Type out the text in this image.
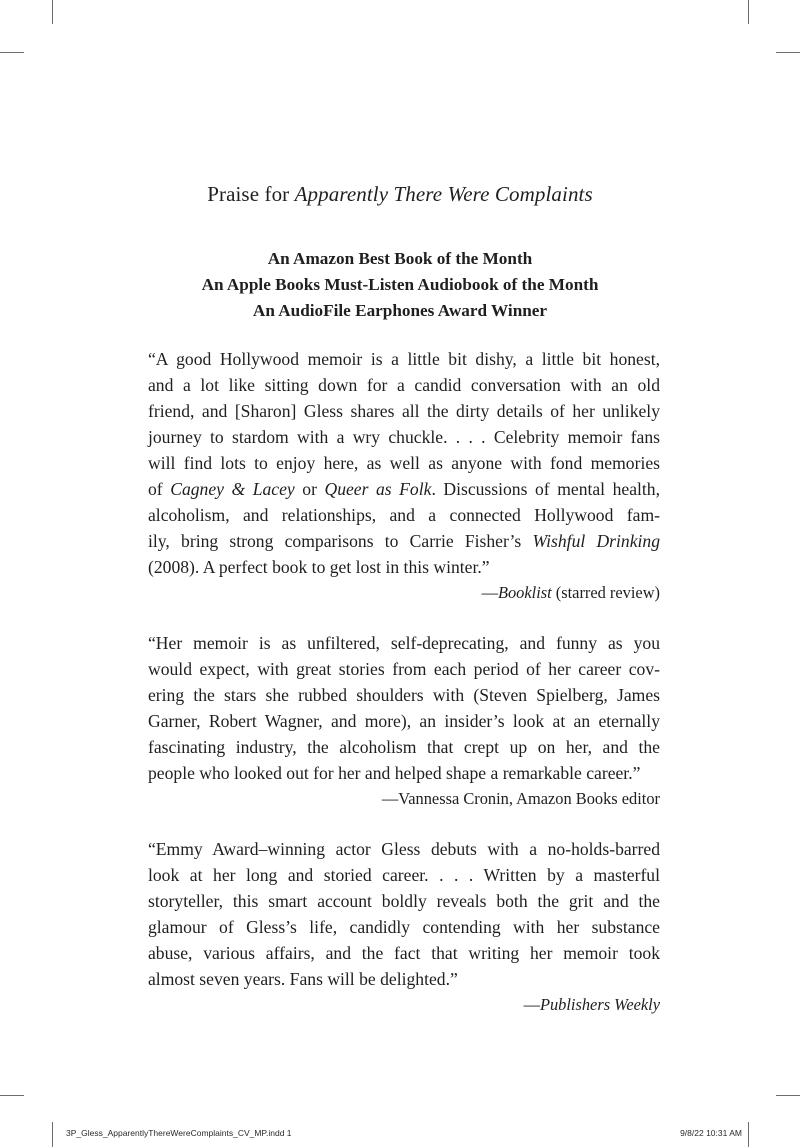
Praise for Apparently There Were Complaints
An Amazon Best Book of the Month
An Apple Books Must-Listen Audiobook of the Month
An AudioFile Earphones Award Winner
“A good Hollywood memoir is a little bit dishy, a little bit honest,
and a lot like sitting down for a candid conversation with an old
friend, and [Sharon] Gless shares all the dirty details of her unlikely
journey to stardom with a wry chuckle. . . . Celebrity memoir fans
will find lots to enjoy here, as well as anyone with fond memories
of Cagney & Lacey or Queer as Folk. Discussions of mental health,
alcoholism, and relationships, and a connected Hollywood fam-
ily, bring strong comparisons to Carrie Fisher’s Wishful Drinking
(2008). A perfect book to get lost in this winter.”
—Booklist (starred review)
“Her memoir is as unfiltered, self-deprecating, and funny as you
would expect, with great stories from each period of her career cov-
ering the stars she rubbed shoulders with (Steven Spielberg, James
Garner, Robert Wagner, and more), an insider’s look at an eternally
fascinating industry, the alcoholism that crept up on her, and the
people who looked out for her and helped shape a remarkable career.”
—Vannessa Cronin, Amazon Books editor
“Emmy Award–winning actor Gless debuts with a no-holds-barred
look at her long and storied career. . . . Written by a masterful
storyteller, this smart account boldly reveals both the grit and the
glamour of Gless’s life, candidly contending with her substance
abuse, various affairs, and the fact that writing her memoir took
almost seven years. Fans will be delighted.”
—Publishers Weekly
3P_Gless_ApparentlyThereWereComplaints_CV_MP.indd 1	9/8/22 10:31 AM
